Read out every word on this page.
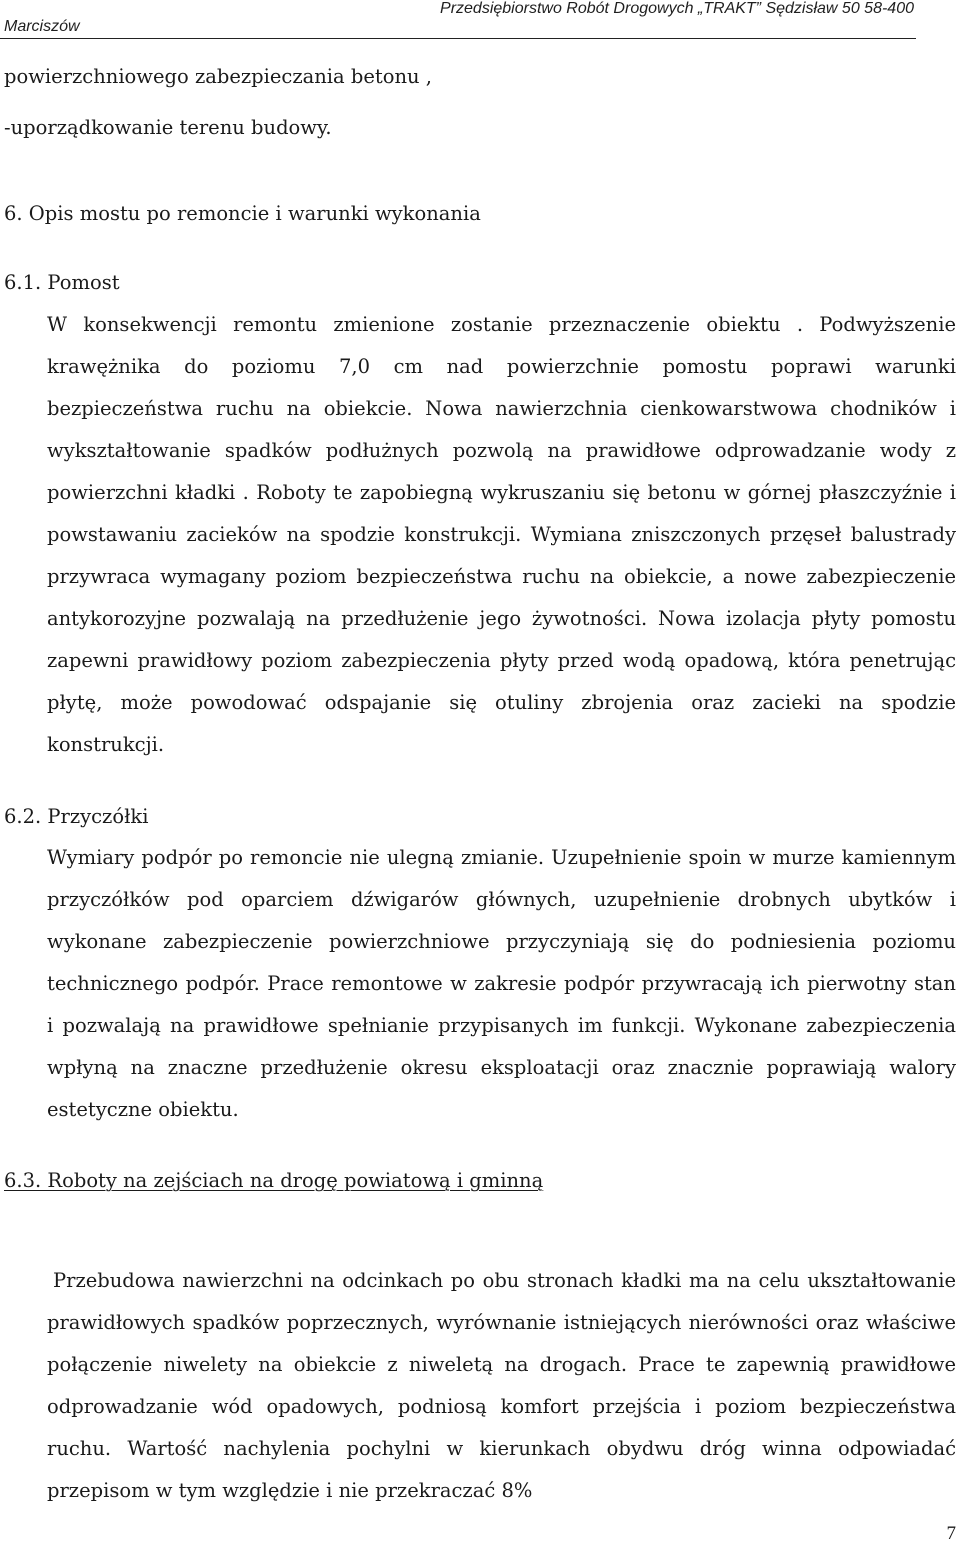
Przedsiębiorstwo Robót Drogowych „TRAKT” Sędzisław 50 58-400
Marciszów
powierzchniowego zabezpieczania betonu ,
-uporządkowanie terenu budowy.
6. Opis mostu po remoncie i warunki wykonania
6.1. Pomost
W konsekwencji remontu zmienione zostanie przeznaczenie obiektu . Podwyższenie krawężnika do poziomu 7,0 cm nad powierzchnie pomostu poprawi warunki bezpieczeństwa ruchu na obiekcie. Nowa nawierzchnia cienkowarstwowa chodników i wykształtowanie spadków podłużnych pozwolą na prawidłowe odprowadzanie wody z powierzchni kładki . Roboty te zapobiegną wykruszaniu się betonu w górnej płaszczyźnie i powstawaniu zacieków na spodzie konstrukcji. Wymiana zniszczonych przęseł balustrady przywraca wymagany poziom bezpieczeństwa ruchu na obiekcie, a nowe zabezpieczenie antykorozyjne pozwalają na przedłużenie jego żywotności. Nowa izolacja płyty pomostu zapewni prawidłowy poziom zabezpieczenia płyty przed wodą opadową, która penetrując płytę, może powodować odspajanie się otuliny zbrojenia oraz zacieki na spodzie konstrukcji.
6.2. Przyczółki
Wymiary podpór po remoncie nie ulegną zmianie. Uzupełnienie spoin w murze kamiennym przyczółków pod oparciem dźwigarów głównych, uzupełnienie drobnych ubytków i wykonane zabezpieczenie powierzchniowe przyczyniają się do podniesienia poziomu technicznego podpór. Prace remontowe w zakresie podpór przywracają ich pierwotny stan i pozwalają na prawidłowe spełnianie przypisanych im funkcji. Wykonane zabezpieczenia wpłyną na znaczne przedłużenie okresu eksploatacji oraz znacznie poprawiają walory estetyczne obiektu.
6.3. Roboty na zejściach na drogę powiatową i gminną
Przebudowa nawierzchni na odcinkach po obu stronach kładki ma na celu ukształtowanie prawidłowych spadków poprzecznych, wyrównanie istniejących nierówności oraz właściwe połączenie niwelety na obiekcie z niweletą na drogach. Prace te zapewnią prawidłowe odprowadzanie wód opadowych, podniosą komfort przejścia i poziom bezpieczeństwa ruchu. Wartość nachylenia pochylni w kierunkach obydwu dróg winna odpowiadać przepisom w tym względzie i nie przekraczać 8%
7
